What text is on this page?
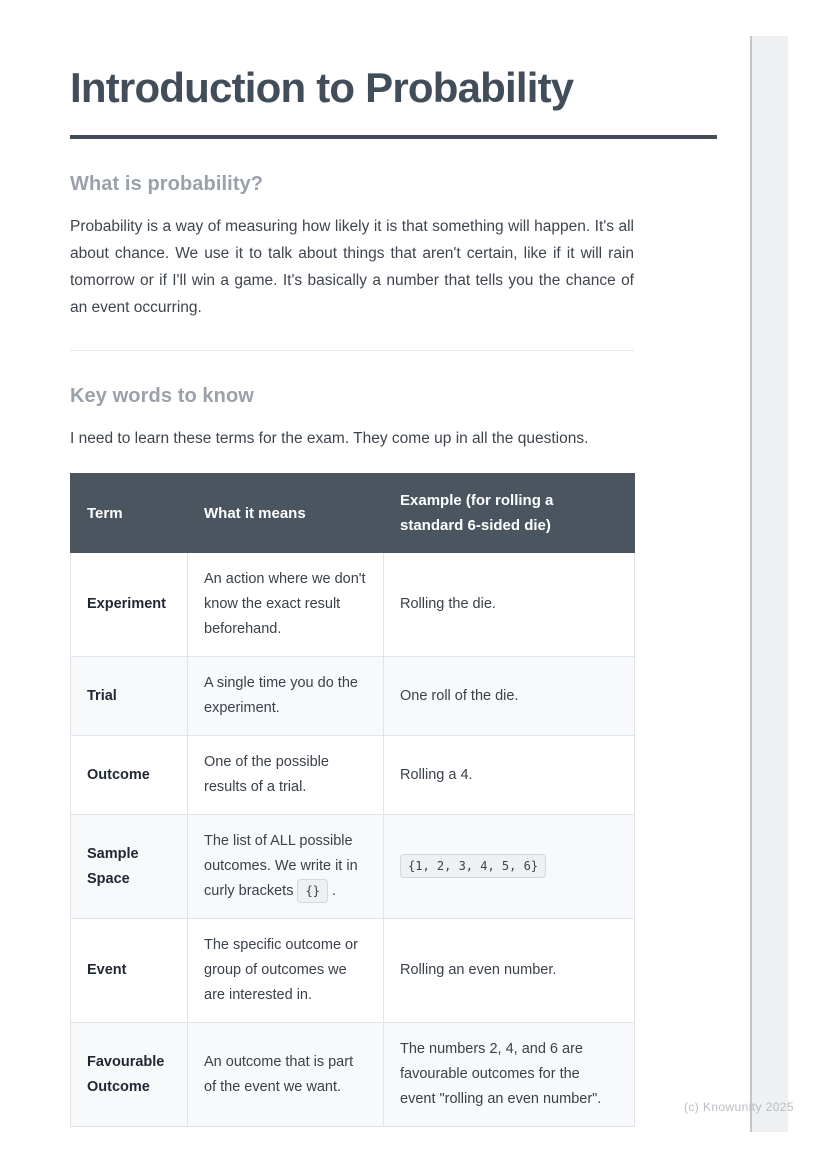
Introduction to Probability
What is probability?

Probability is a way of measuring how likely it is that something will happen. It's all about chance. We use it to talk about things that aren't certain, like if it will rain tomorrow or if I'll win a game. It's basically a number that tells you the chance of an event occurring.

Key words to know

I need to learn these terms for the exam. They come up in all the questions.

Term	What it means	Example (for rolling a standard 6-sided die)
Experiment	An action where we don't know the exact result beforehand.	Rolling the die.
Trial	A single time you do the experiment.	One roll of the die.
Outcome	One of the possible results of a trial.	Rolling a 4.
Sample Space	The list of ALL possible outcomes. We write it in curly brackets {} .	{1, 2, 3, 4, 5, 6}
Event	The specific outcome or group of outcomes we are interested in.	Rolling an even number.
Favourable Outcome	An outcome that is part of the event we want.	The numbers 2, 4, and 6 are favourable outcomes for the event "rolling an even number".	(c) Knowunity 2025
